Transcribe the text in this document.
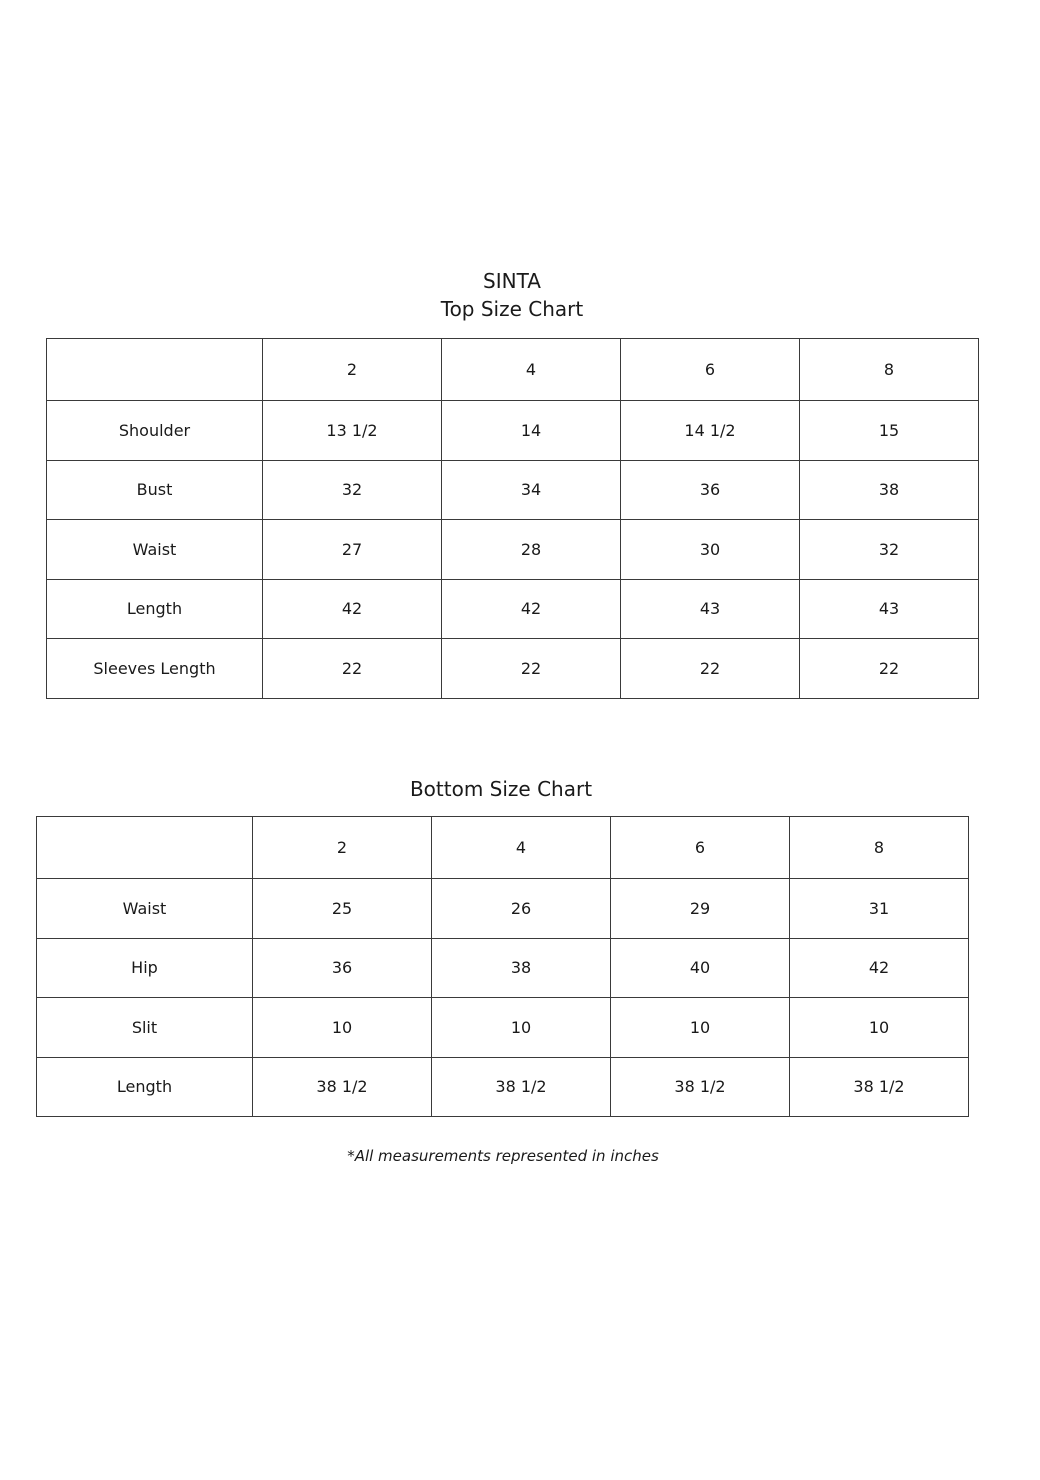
SINTA
Top Size Chart
	2	4	6	8
Shoulder	13 1/2	14	14 1/2	15
Bust	32	34	36	38
Waist	27	28	30	32
Length	42	42	43	43
Sleeves Length	22	22	22	22
Bottom Size Chart
	2	4	6	8
Waist	25	26	29	31
Hip	36	38	40	42
Slit	10	10	10	10
Length	38 1/2	38 1/2	38 1/2	38 1/2
*All measurements represented in inches
